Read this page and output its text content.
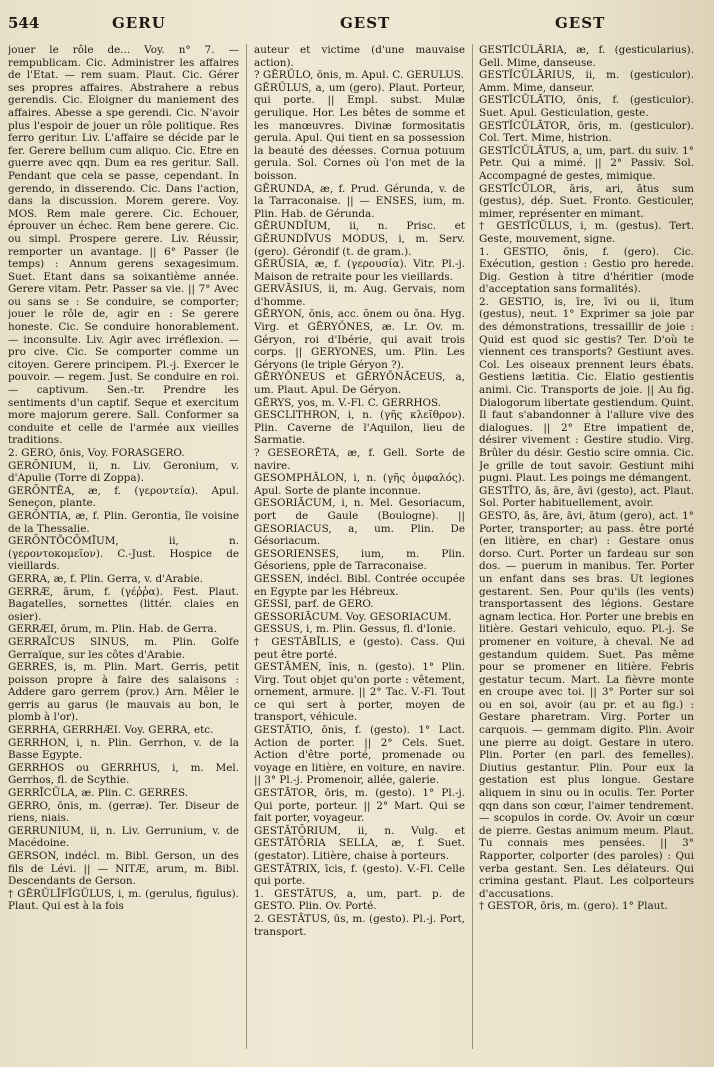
544	GERU	GEST	GEST

jouer le rôle de... Voy. n° 7. — rempublicam. Cic. Administrer les affaires de l'Etat. — rem suam. Plaut. Cic. Gérer ses propres affaires. Abstrahere a rebus gerendis. Cic. Eloigner du maniement des affaires. Abesse a spe gerendi. Cic. N'avoir plus l'espoir de jouer un rôle politique. Res ferro geritur. Liv. L'affaire se décide par le fer. Gerere bellum cum aliquo. Cic. Etre en guerre avec qqn. Dum ea res geritur. Sall. Pendant que cela se passe, cependant. In gerendo, in disserendo. Cic. Dans l'action, dans la discussion. Morem gerere. Voy. MOS. Rem male gerere. Cic. Echouer, éprouver un échec. Rem bene gerere. Cic. ou simpl. Prospere gerere. Liv. Réussir, remporter un avantage. || 6° Passer (le temps) : Annum gerens sexagesimum. Suet. Etant dans sa soixantième année. Gerere vitam. Petr. Passer sa vie. || 7° Avec ou sans se : Se conduire, se comporter; jouer le rôle de, agir en : Se gerere honeste. Cic. Se conduire honorablement. — inconsulte. Liv. Agir avec irréflexion. — pro cive. Cic. Se comporter comme un citoyen. Gerere principem. Pl.-j. Exercer le pouvoir. — regem. Just. Se conduire en roi. — captivum. Sen.-tr. Prendre les sentiments d'un captif. Seque et exercitum more majorum gerere. Sall. Conformer sa conduite et celle de l'armée aux vieilles traditions.

2. GERO, ōnis, Voy. FORASGERO.

GERŌNIUM, ii, n. Liv. Geronium, v. d'Apulie (Torre di Zoppa).

GERŌNTĒA, æ, f. (γεροντεία). Apul. Seneçon, plante.

GERŌNTIA, æ, f. Plin. Gerontia, île voisine de la Thessalie.

GERŌNTŎCŌMĪUM, ii, n. (γεροντοκομεῖον). C.-Just. Hospice de vieillards.

GERRA, æ, f. Plin. Gerra, v. d'Arabie.

GERRÆ, ārum, f. (γέῤῥα). Fest. Plaut. Bagatelles, sornettes (littér. claies en osier).

GERRÆI, ōrum, m. Plin. Hab. de Gerra.

GERRAÏCUS SINUS, m. Plin. Golfe Gerraïque, sur les côtes d'Arabie.

GERRES, is, m. Plin. Mart. Gerris, petit poisson propre à faire des salaisons : Addere garo gerrem (prov.) Arn. Mêler le gerris au garus (le mauvais au bon, le plomb à l'or).

GERRHA, GERRHÆI. Voy. GERRA, etc.

GERRHON, i, n. Plin. Gerrhon, v. de la Basse Egypte.

GERRHOS ou GERRHUS, i, m. Mel. Gerrhos, fl. de Scythie.

GERRĪCŬLA, æ. Plin. C. GERRES.

GERRO, ōnis, m. (gerræ). Ter. Diseur de riens, niais.

GERRUNIUM, ii, n. Liv. Gerrunium, v. de Macédoine.

GERSON, indécl. m. Bibl. Gerson, un des fils de Lévi. || — NITÆ, arum, m. Bibl. Descendants de Gerson.

† GĒRŬLĬFĬGŬLUS, i, m. (gerulus, figulus). Plaut. Qui est à la fois

auteur et victime (d'une mauvaise action).

? GĔRŬLO, ōnis, m. Apul. C. GERULUS.

GĔRŬLUS, a, um (gero). Plaut. Porteur, qui porte. || Empl. subst. Mulæ gerulique. Hor. Les bêtes de somme et les manœuvres. Divinæ formositatis gerula. Apul. Qui tient en sa possession la beauté des déesses. Cornua potuum gerula. Sol. Cornes où l'on met de la boisson.

GĔRUNDA, æ, f. Prud. Gérunda, v. de la Tarraconaise. || — ENSES, ium, m. Plin. Hab. de Gérunda.

GĔRUNDĬUM, ii, n. Prisc. et GĔRUNDĬVUS MODUS, i, m. Serv. (gero). Gérondif (t. de gram.).

GĔRŪSIA, æ, f. (γερουσία). Vitr. Pl.-j. Maison de retraite pour les vieillards.

GERVĀSIUS, ii, m. Aug. Gervais, nom d'homme.

GĒRYON, ŏnis, acc. ŏnem ou ŏna. Hyg. Virg. et GĒRYŎNES, æ. Lr. Ov. m. Géryon, roi d'Ibérie, qui avait trois corps. || GERYONES, um. Plin. Les Géryons (le triple Géryon ?).

GĒRYŎNEUS et GĒRYŎNĀCEUS, a, um. Plaut. Apul. De Géryon.

GĒRYS, yos, m. V.-Fl. C. GERRHOS.

GESCLITHRON, i, n. (γῆς κλεῖθρον). Plin. Caverne de l'Aquilon, lieu de Sarmatie.

? GESEORĒTA, æ, f. Gell. Sorte de navire.

GESOMPHĀLON, i, n. (γῆς ὀμφαλός). Apul. Sorte de plante inconnue.

GESORIĀCUM, i, n. Mel. Gesoriacum, port de Gaule (Boulogne). || GESORIACUS, a, um. Plin. De Gésoriacum.

GESORIENSES, ium, m. Plin. Gésoriens, pple de Tarraconaise.

GESSEN, indécl. Bibl. Contrée occupée en Egypte par les Hébreux.

GESSI, parf. de GERO.

GESSORIĀCUM. Voy. GESORIACUM.

GESSUS, i, m. Plin. Gessus, fl. d'Ionie.

† GESTĀBĬLIS, e (gesto). Cass. Qui peut être porté.

GESTĀMEN, ĭnis, n. (gesto). 1° Plin. Virg. Tout objet qu'on porte : vêtement, ornement, armure. || 2° Tac. V.-Fl. Tout ce qui sert à porter, moyen de transport, véhicule.

GESTĀTIO, ōnis, f. (gesto). 1° Lact. Action de porter. || 2° Cels. Suet. Action d'être porté, promenade ou voyage en litière, en voiture, en navire. || 3° Pl.-j. Promenoir, allée, galerie.

GESTĀTOR, ōris, m. (gesto). 1° Pl.-j. Qui porte, porteur. || 2° Mart. Qui se fait porter, voyageur.

GESTĀTŌRIUM, ii, n. Vulg. et GESTĀTŌRIA SELLA, æ, f. Suet. (gestator). Litière, chaise à porteurs.

GESTĀTRIX, īcis, f. (gesto). V.-Fl. Celle qui porte.

1. GESTĀTUS, a, um, part. p. de GESTO. Plin. Ov. Porté.

2. GESTĀTUS, ūs, m. (gesto). Pl.-j. Port, transport.

GESTĬCŬLĀRIA, æ, f. (gesticularius). Gell. Mime, danseuse.

GESTĬCŬLĀRIUS, ii, m. (gesticulor). Amm. Mime, danseur.

GESTĬCŬLĀTIO, ōnis, f. (gesticulor). Suet. Apul. Gesticulation, geste.

GESTĬCŬLĀTOR, ōris, m. (gesticulor). Col. Tert. Mime, histrion.

GESTĬCŬLĀTUS, a, um, part. du suiv. 1° Petr. Qui a mimé. || 2° Passiv. Sol. Accompagné de gestes, mimique.

GESTĬCŬLOR, āris, ari, ātus sum (gestus), dép. Suet. Fronto. Gesticuler, mimer, représenter en mimant.

† GESTĬCŬLUS, i, m. (gestus). Tert. Geste, mouvement, signe.

1. GESTIO, ōnis, f. (gero). Cic. Exécution, gestion : Gestio pro herede. Dig. Gestion à titre d'héritier (mode d'acceptation sans formalités).

2. GESTIO, is, īre, īvi ou ii, ītum (gestus), neut. 1° Exprimer sa joie par des démonstrations, tressaillir de joie : Quid est quod sic gestis? Ter. D'où te viennent ces transports? Gestiunt aves. Col. Les oiseaux prennent leurs ébats. Gestiens lætitia. Cic. Elatio gestientis animi. Cic. Transports de joie. || Au fig. Dialogorum libertate gestiendum. Quint. Il faut s'abandonner à l'allure vive des dialogues. || 2° Etre impatient de, désirer vivement : Gestire studio. Virg. Brûler du désir. Gestio scire omnia. Cic. Je grille de tout savoir. Gestiunt mihi pugni. Plaut. Les poings me démangent.

GESTĪTO, ās, āre, āvi (gesto), act. Plaut. Sol. Porter habituellement, avoir.

GESTO, ās, āre, āvi, ātum (gero), act. 1° Porter, transporter; au pass. être porté (en litière, en char) : Gestare onus dorso. Curt. Porter un fardeau sur son dos. — puerum in manibus. Ter. Porter un enfant dans ses bras. Ut legiones gestarent. Sen. Pour qu'ils (les vents) transportassent des légions. Gestare agnam lectica. Hor. Porter une brebis en litière. Gestari vehiculo, equo. Pl.-j. Se promener en voiture, à cheval. Ne ad gestandum quidem. Suet. Pas même pour se promener en litière. Febris gestatur tecum. Mart. La fièvre monte en croupe avec toi. || 3° Porter sur soi ou en soi, avoir (au pr. et au fig.) : Gestare pharetram. Virg. Porter un carquois. — gemmam digito. Plin. Avoir une pierre au doigt. Gestare in utero. Plin. Porter (en parl. des femelles). Diutius gestantur. Plin. Pour eux la gestation est plus longue. Gestare aliquem in sinu ou in oculis. Ter. Porter qqn dans son cœur, l'aimer tendrement. — scopulos in corde. Ov. Avoir un cœur de pierre. Gestas animum meum. Plaut. Tu connais mes pensées. || 3° Rapporter, colporter (des paroles) : Qui verba gestant. Sen. Les délateurs. Qui crimina gestant. Plaut. Les colporteurs d'accusations.

† GESTOR, ōris, m. (gero). 1° Plaut.
